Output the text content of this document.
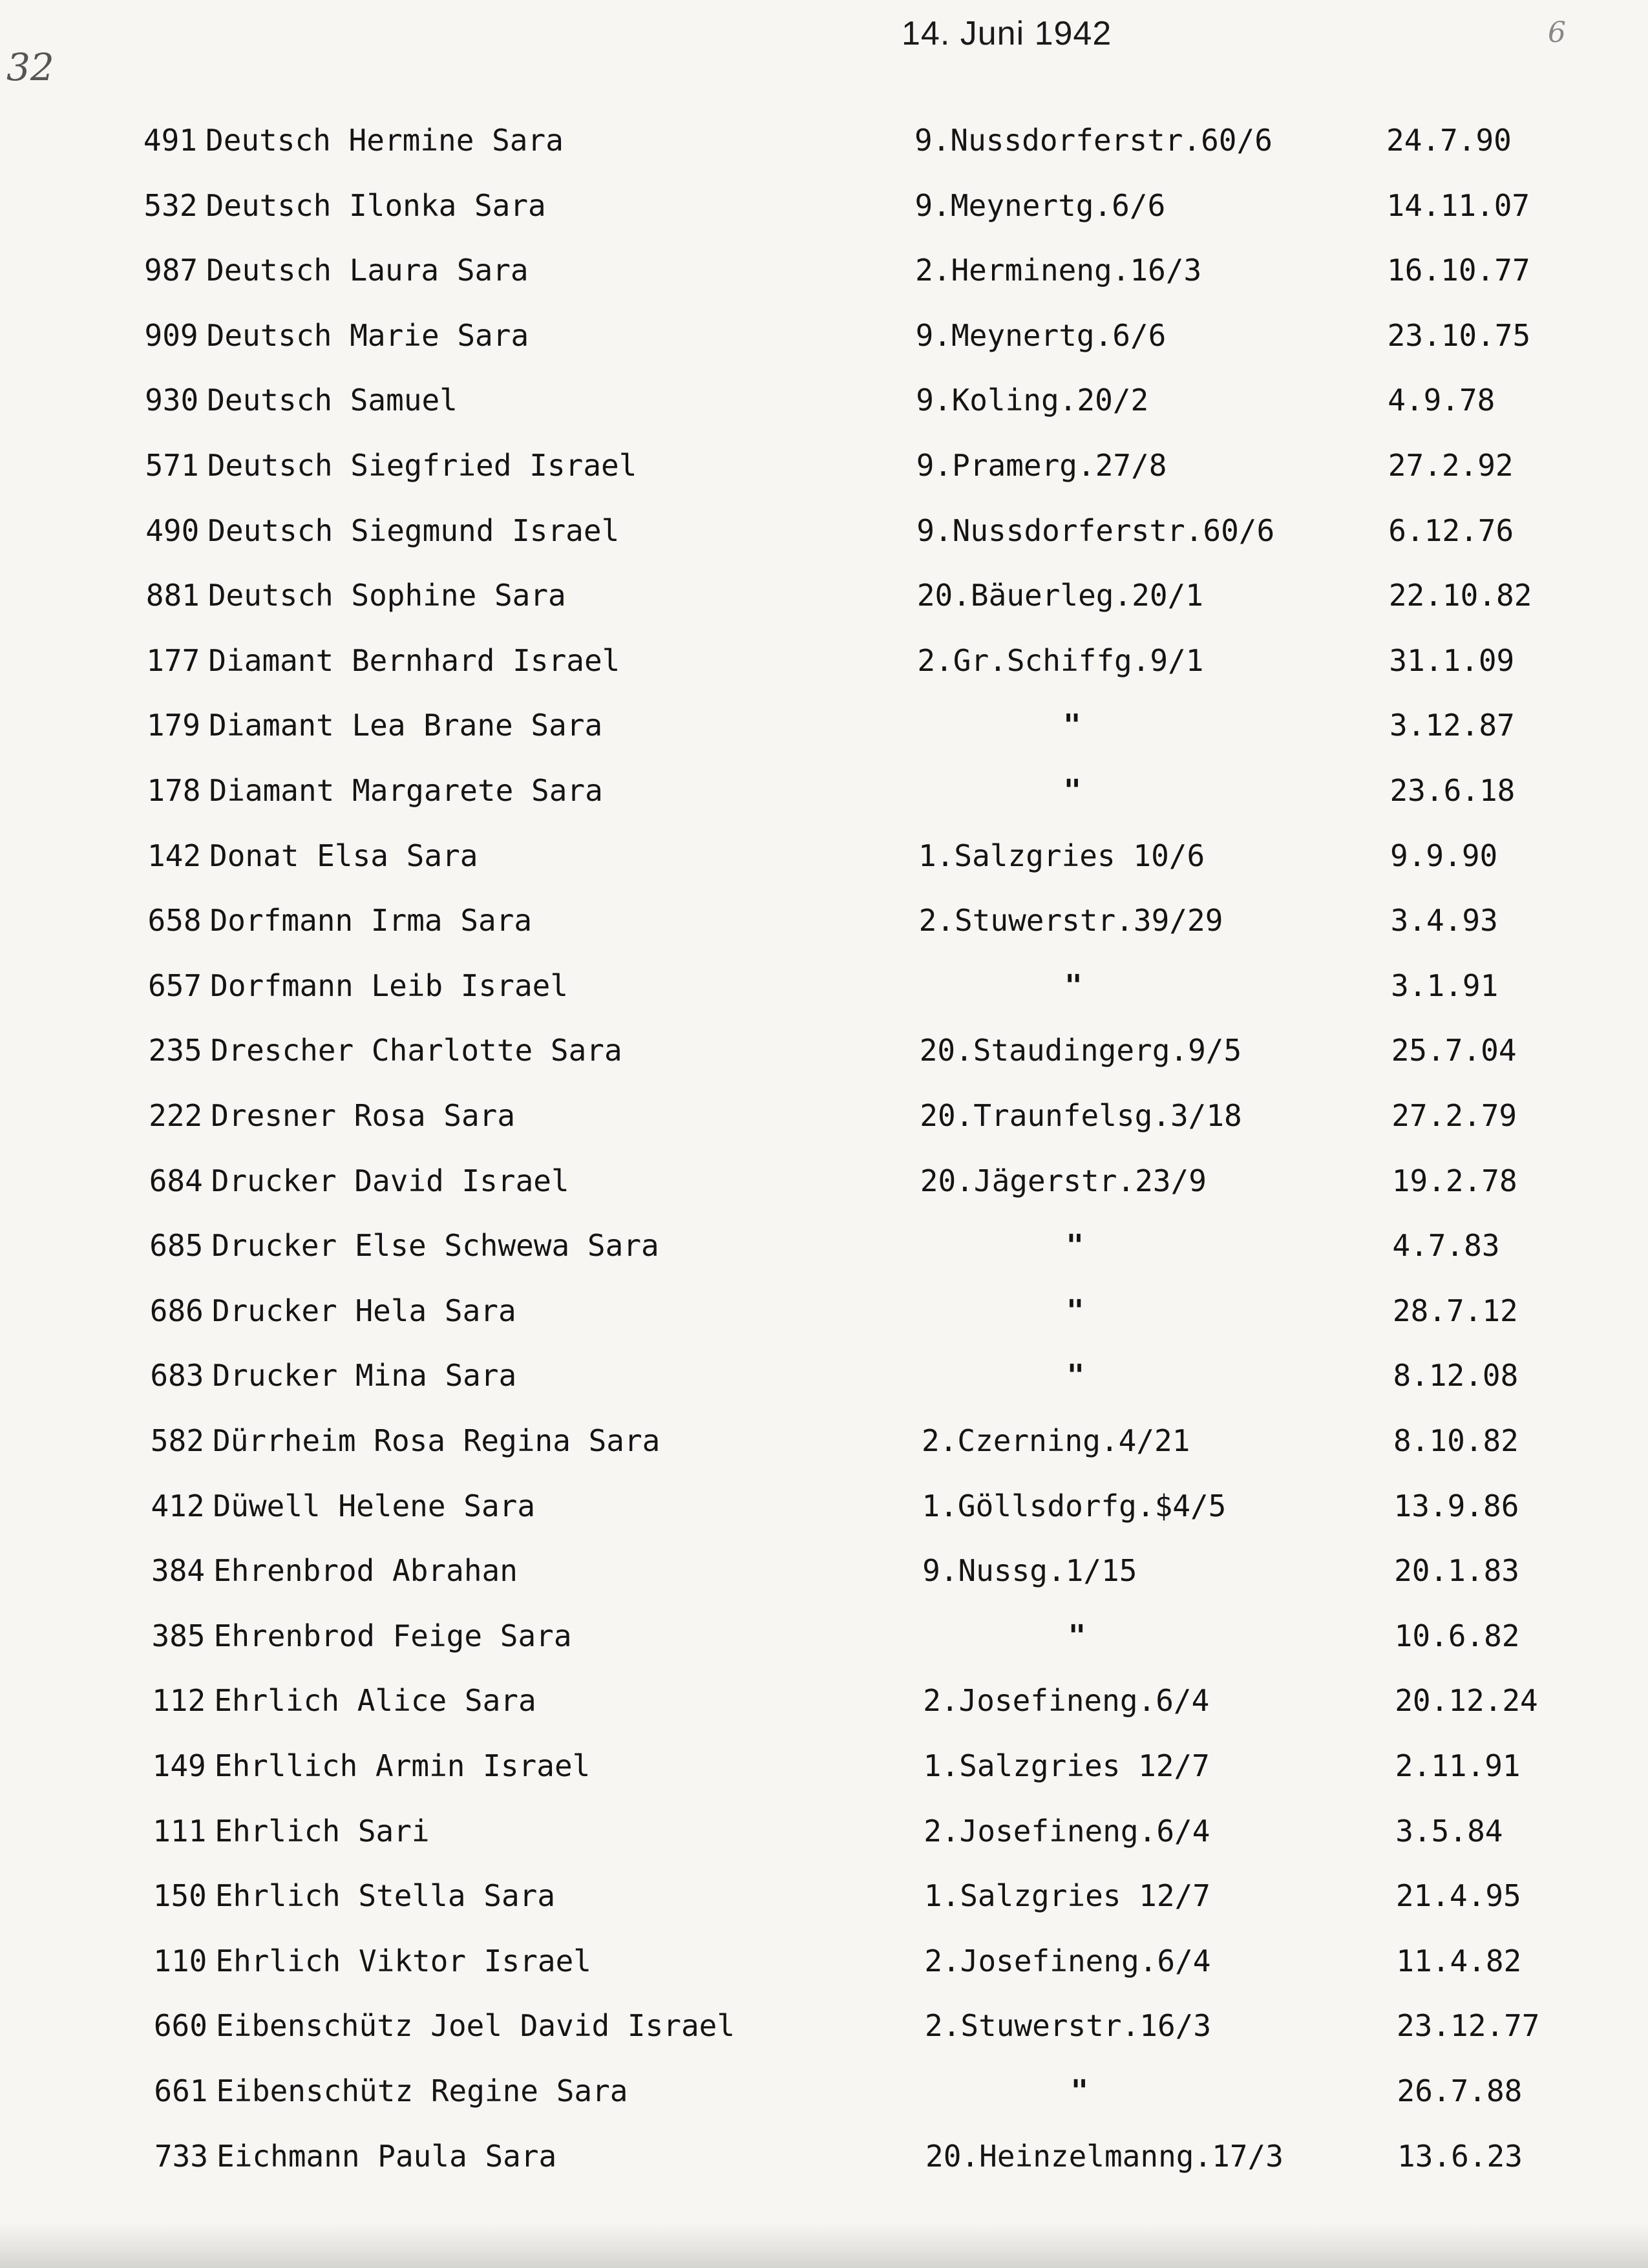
14. Juni 1942
32
6
491 Deutsch Hermine Sara	9.Nussdorferstr.60/6	24.7.90
532 Deutsch Ilonka Sara	9.Meynertg.6/6	14.11.07
987 Deutsch Laura Sara	2.Hermineng.16/3	16.10.77
909 Deutsch Marie Sara	9.Meynertg.6/6	23.10.75
930 Deutsch Samuel	9.Koling.20/2	4.9.78
571 Deutsch Siegfried Israel	9.Pramerg.27/8	27.2.92
490 Deutsch Siegmund Israel	9.Nussdorferstr.60/6	6.12.76
881 Deutsch Sophine Sara	20.Bäuerleg.20/1	22.10.82
177 Diamant Bernhard Israel	2.Gr.Schiffg.9/1	31.1.09
179 Diamant Lea Brane Sara	"	3.12.87
178 Diamant Margarete Sara	"	23.6.18
142 Donat Elsa Sara	1.Salzgries 10/6	9.9.90
658 Dorfmann Irma Sara	2.Stuwerstr.39/29	3.4.93
657 Dorfmann Leib Israel	"	3.1.91
235 Drescher Charlotte Sara	20.Staudingerg.9/5	25.7.04
222 Dresner Rosa Sara	20.Traunfelsg.3/18	27.2.79
684 Drucker David Israel	20.Jägerstr.23/9	19.2.78
685 Drucker Else Schwewa Sara	"	4.7.83
686 Drucker Hela Sara	"	28.7.12
683 Drucker Mina Sara	"	8.12.08
582 Dürrheim Rosa Regina Sara	2.Czerning.4/21	8.10.82
412 Düwell Helene Sara	1.Göllsdorfg.$4/5	13.9.86
384 Ehrenbrod Abrahan	9.Nussg.1/15	20.1.83
385 Ehrenbrod Feige Sara	"	10.6.82
112 Ehrlich Alice Sara	2.Josefineng.6/4	20.12.24
149 Ehrllich Armin Israel	1.Salzgries 12/7	2.11.91
111 Ehrlich Sari	2.Josefineng.6/4	3.5.84
150 Ehrlich Stella Sara	1.Salzgries 12/7	21.4.95
110 Ehrlich Viktor Israel	2.Josefineng.6/4	11.4.82
660 Eibenschütz Joel David Israel	2.Stuwerstr.16/3	23.12.77
661 Eibenschütz Regine Sara	"	26.7.88
733 Eichmann Paula Sara	20.Heinzelmanng.17/3	13.6.23
